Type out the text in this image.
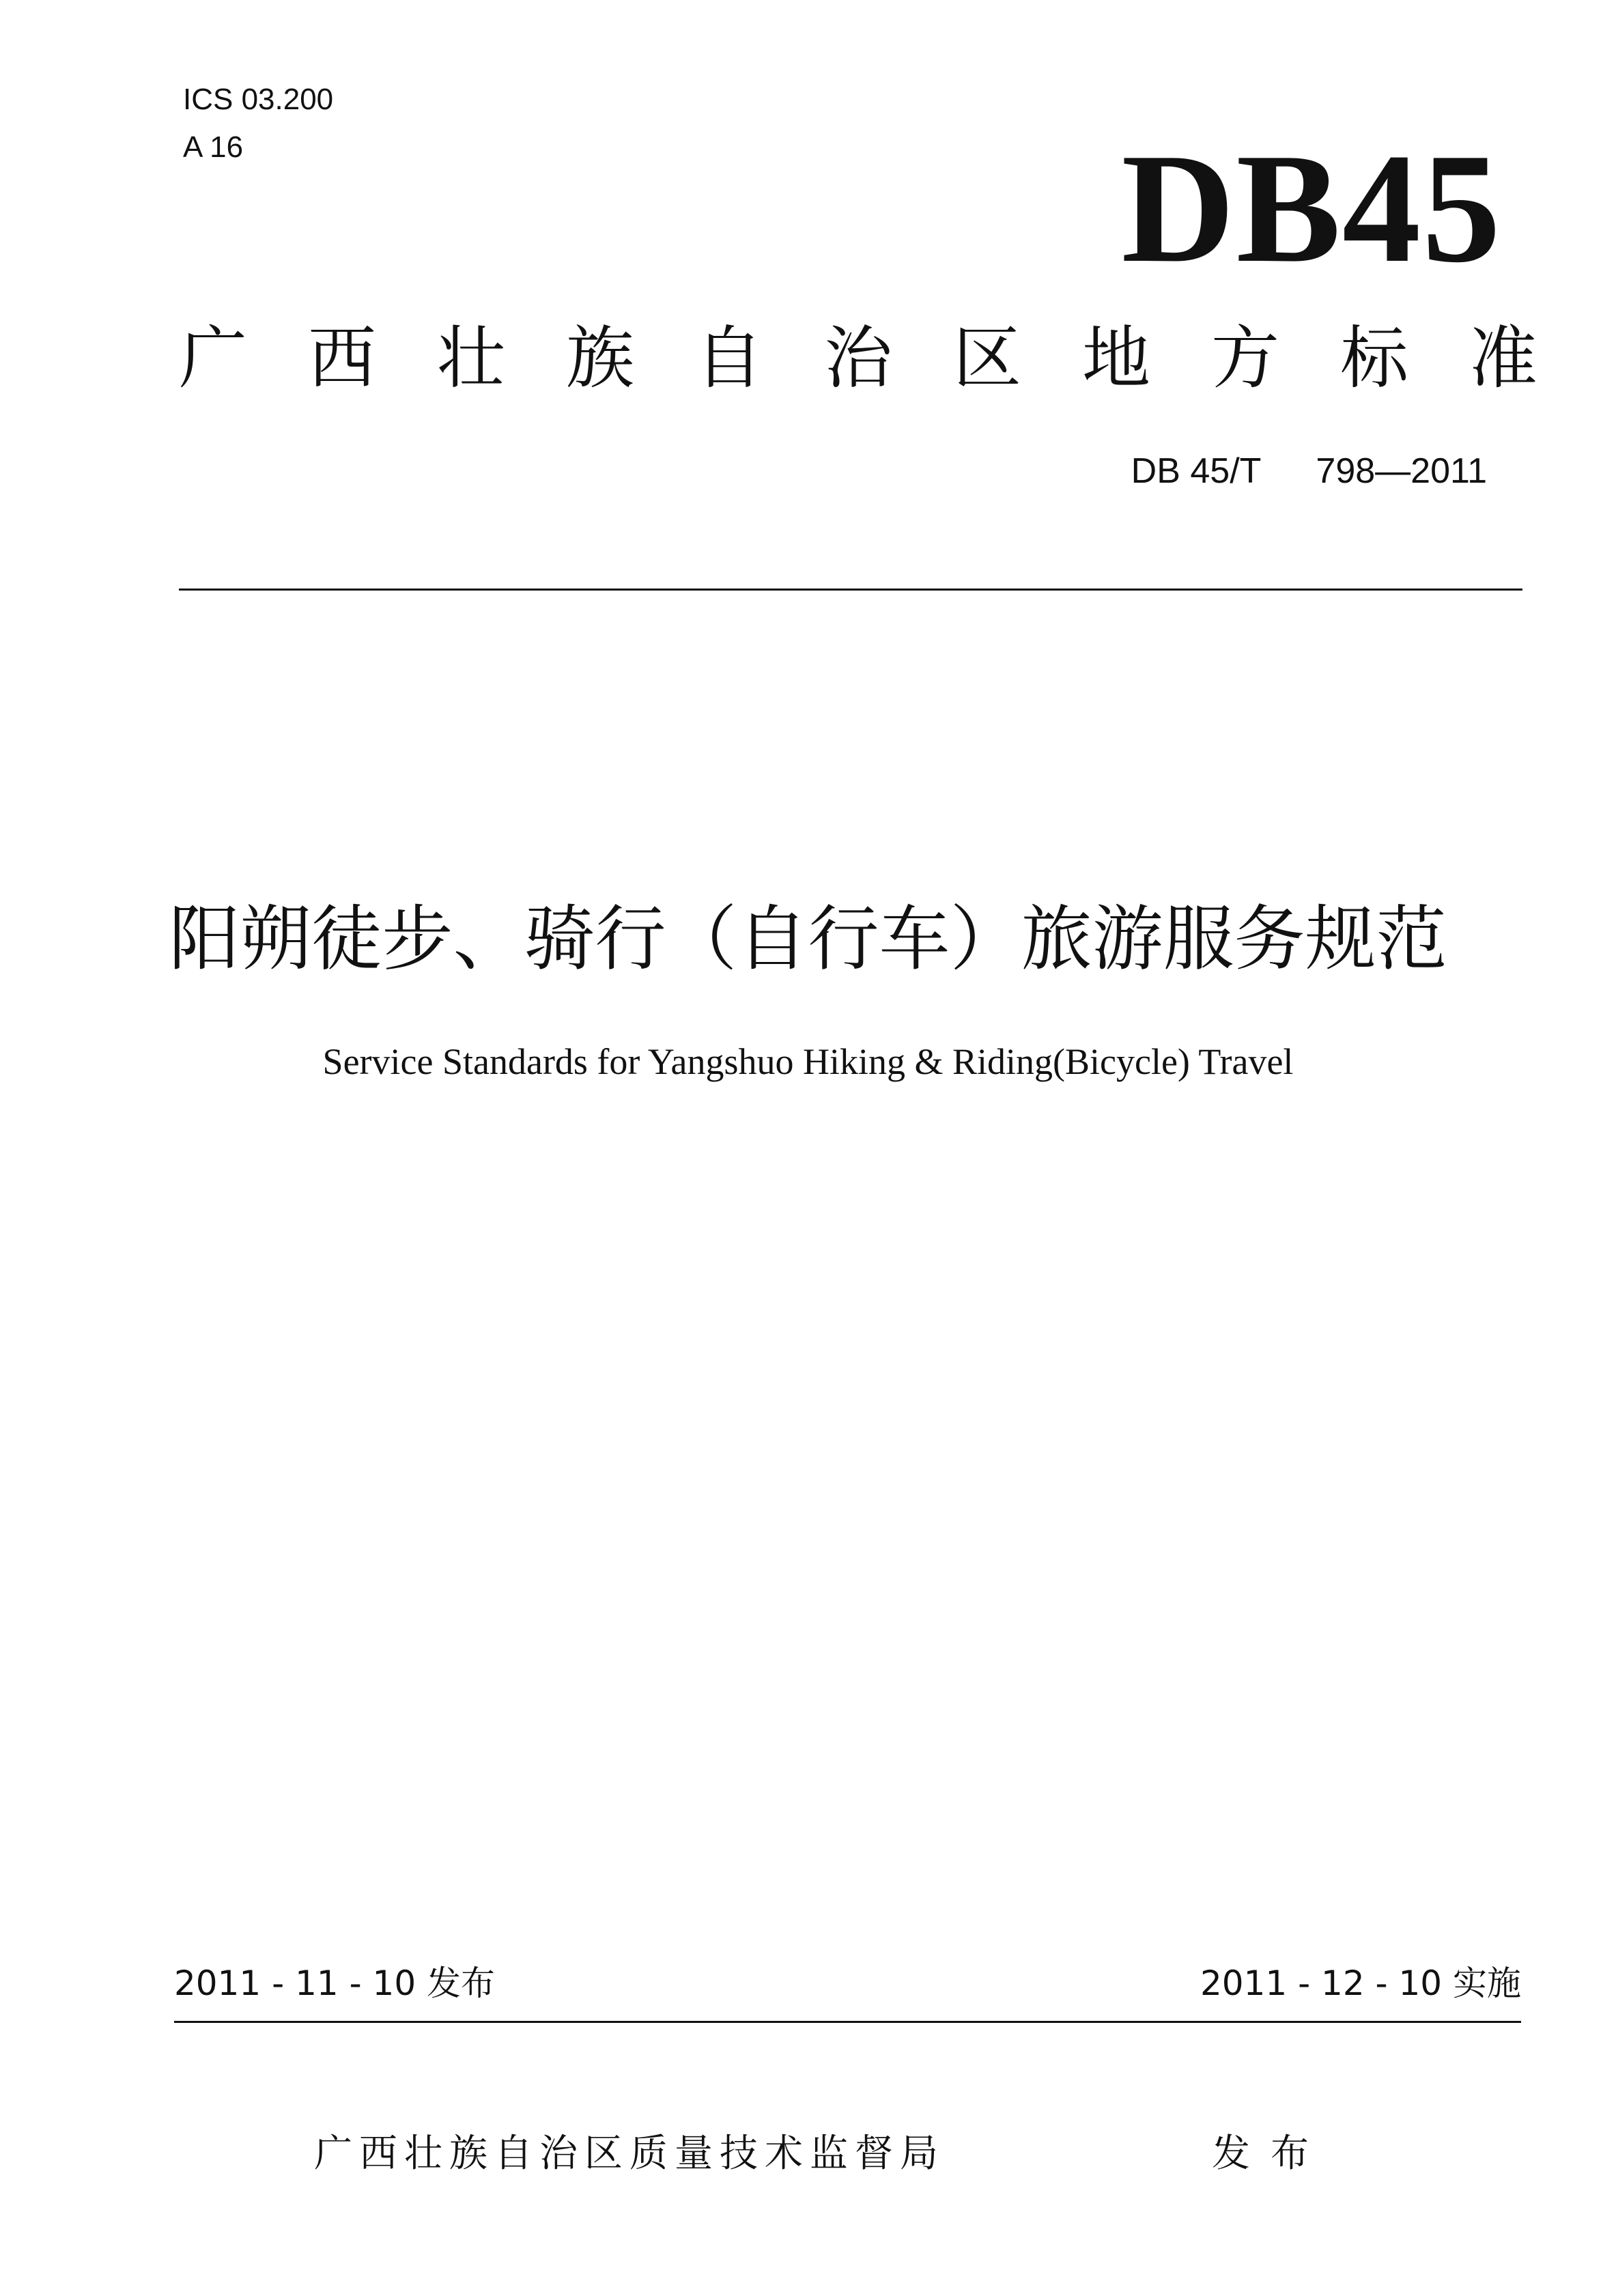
ICS 03.200
A 16	DB45
广 西 壮 族 自 治 区 地 方 标 准
DB 45/T 798—2011
阳朔徒步、骑行（自行车）旅游服务规范
Service Standards for Yangshuo Hiking & Riding(Bicycle) Travel
2011 - 11 - 10 发布	2011 - 12 - 10 实施
广西壮族自治区质量技术监督局	发布
